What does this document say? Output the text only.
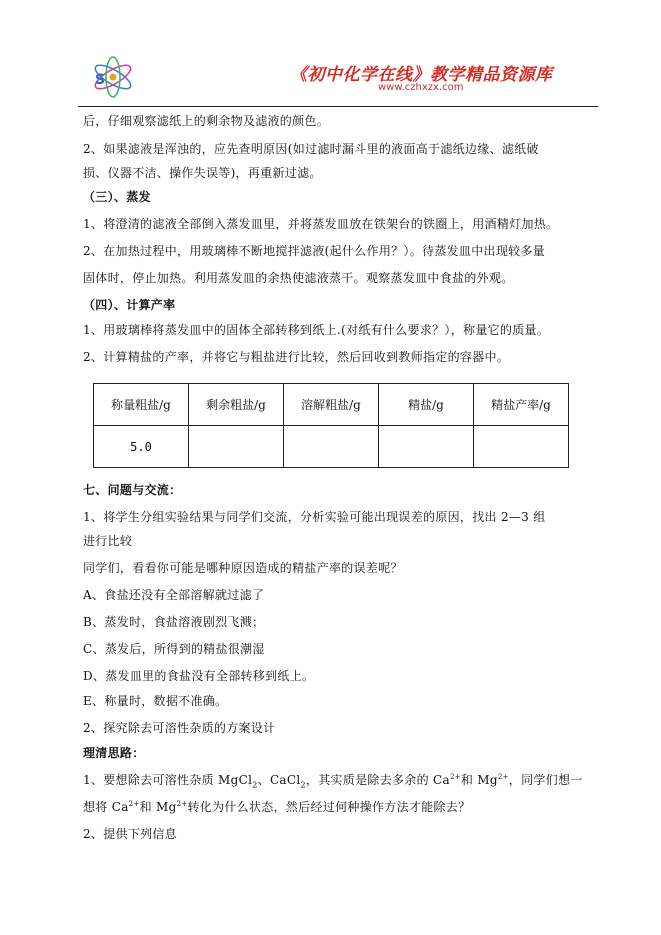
S	《初中化学在线》教学精品资源库
www.czhxzx.com
后，仔细观察滤纸上的剩余物及滤液的颜色。
2、如果滤液是浑浊的，应先查明原因(如过滤时漏斗里的液面高于滤纸边缘、滤纸破
损、仪器不洁、操作失误等)，再重新过滤。
（三）、蒸发
1、将澄清的滤液全部倒入蒸发皿里，并将蒸发皿放在铁架台的铁圈上，用酒精灯加热。
2、在加热过程中，用玻璃棒不断地搅拌滤液(起什么作用？）。待蒸发皿中出现较多量
固体时，停止加热。利用蒸发皿的余热使滤液蒸干。观察蒸发皿中食盐的外观。
（四）、计算产率
1、用玻璃棒将蒸发皿中的固体全部转移到纸上.(对纸有什么要求？），称量它的质量。
2、计算精盐的产率，并将它与粗盐进行比较，然后回收到教师指定的容器中。
称量粗盐/g	剩余粗盐/g	溶解粗盐/g	精盐/g	精盐产率/g
5.0				
七、问题与交流：
1、将学生分组实验结果与同学们交流，分析实验可能出现误差的原因，找出 2—3 组
进行比较
同学们，看看你可能是哪种原因造成的精盐产率的误差呢？
A、食盐还没有全部溶解就过滤了
B、蒸发时，食盐溶液剧烈飞溅；
C、蒸发后，所得到的精盐很潮湿
D、蒸发皿里的食盐没有全部转移到纸上。
E、称量时，数据不准确。
2、探究除去可溶性杂质的方案设计
理清思路：
1、要想除去可溶性杂质 MgCl$_2$、CaCl$_2$，其实质是除去多余的 $Ca^{2+}$和 $Mg^{2+}$，同学们想一
想将 $Ca^{2+}$和 $Mg^{2+}$转化为什么状态，然后经过何种操作方法才能除去？
2、提供下列信息
